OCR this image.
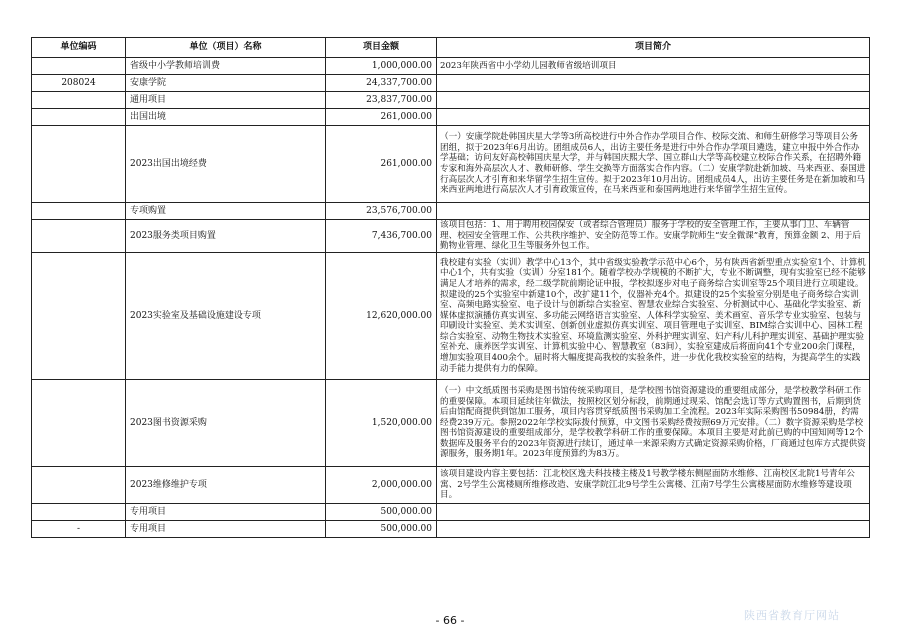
单位编码	单位（项目）名称	项目金额	项目简介
	省级中小学教师培训费	1,000,000.00	2023年陕西省中小学幼儿园教师省级培训项目
208024	安康学院	24,337,700.00	
	通用项目	23,837,700.00	
	出国出境	261,000.00	
	2023出国出境经费	261,000.00	（一）安康学院赴韩国庆星大学等3所高校进行中外合作办学项目合作、校际交流、和师生研修学习等项目公务团组，拟于2023年6月出访。团组成员6人，出访主要任务是进行中外合作办学项目遴选，建立申报中外合作办学基础；访问友好高校韩国庆星大学，并与韩国庆熙大学、国立群山大学等高校建立校际合作关系，在招聘外籍专家和海外高层次人才、教师研修、学生交换等方面落实合作内容。（二）安康学院赴新加坡、马来西亚、泰国进行高层次人才引育和来华留学生招生宣传。拟于2023年10月出访。团组成员4人，出访主要任务是在新加坡和马来西亚两地进行高层次人才引育政策宣传，在马来西亚和泰国两地进行来华留学生招生宣传。
	专项购置	23,576,700.00	
	2023服务类项目购置	7,436,700.00	该项目包括：1、用于聘用校园保安（或者综合管理员）服务于学校的安全管理工作，主要从事门卫、车辆管理、校园安全管理工作、公共秩序维护、安全防范等工作。安康学院师生“安全微课”教育，预算金额 2、用于后勤物业管理、绿化卫生等服务外包工作。
	2023实验室及基础设施建设专项	12,620,000.00	我校建有实验（实训）教学中心13个，其中省级实验教学示范中心6个，另有陕西省新型重点实验室1个、计算机中心1个，共有实验（实训）分室181个。随着学校办学规模的不断扩大，专业不断调整，现有实验室已经不能够满足人才培养的需求，经二级学院前期论证申报，学校拟逐步对电子商务综合实训室等25个项目进行立项建设。拟建设的25个实验室中新建10个，改扩建11个，仪器补充4个。拟建设的25个实验室分别是电子商务综合实训室、高频电路实验室、电子设计与创新综合实验室、智慧农业综合实验室、分析测试中心、基础化学实验室、新媒体虚拟演播仿真实训室、多功能云网络语言实验室、人体科学实验室、美术画室、音乐学专业实验室、包装与印刷设计实验室、美术实训室、创新创业虚拟仿真实训室、项目管理电子实训室、BIM综合实训中心、园林工程综合实验室、动物生物技术实验室、环境监测实验室、外科护理实训室、妇产科/儿科护理实训室、基础护理实验室补充、康养医学实训室、计算机实验中心、智慧教室（83间），实验室建成后将面向41个专业200余门课程，增加实验项目400余个。届时将大幅度提高我校的实验条件，进一步优化我校实验室的结构，为提高学生的实践动手能力提供有力的保障。
	2023图书资源采购	1,520,000.00	（一）中文纸质图书采购是图书馆传统采购项目，是学校图书馆资源建设的重要组成部分，是学校教学科研工作的重要保障。本项目延续往年做法，按照校区划分标段，前期通过现采、馆配会选订等方式购置图书，后期到货后由馆配商提供到馆加工服务，项目内容贯穿纸质图书采购加工全流程。2023年实际采购图书50984册，约需经费239万元。参照2022年学校实际拨付预算，中文图书采购经费按照69万元安排。（二）数字资源采购是学校图书馆资源建设的重要组成部分，是学校教学科研工作的重要保障。本项目主要是对此前已购的中国知网等12个数据库及服务平台的2023年资源进行续订，通过单一来源采购方式确定资源采购价格，厂商通过包库方式提供资源服务，服务期1年。2023年度预算约为83万。
	2023维修维护专项	2,000,000.00	该项目建设内容主要包括：江北校区逸夫科技楼主楼及1号教学楼东侧屋面防水维修、江南校区北院1号青年公寓、2号学生公寓楼厕所维修改造、安康学院江北9号学生公寓楼、江南7号学生公寓楼屋面防水维修等建设项目。
	专用项目	500,000.00	
-	专用项目	500,000.00	
- 66 -	陕西省教育厅网站
